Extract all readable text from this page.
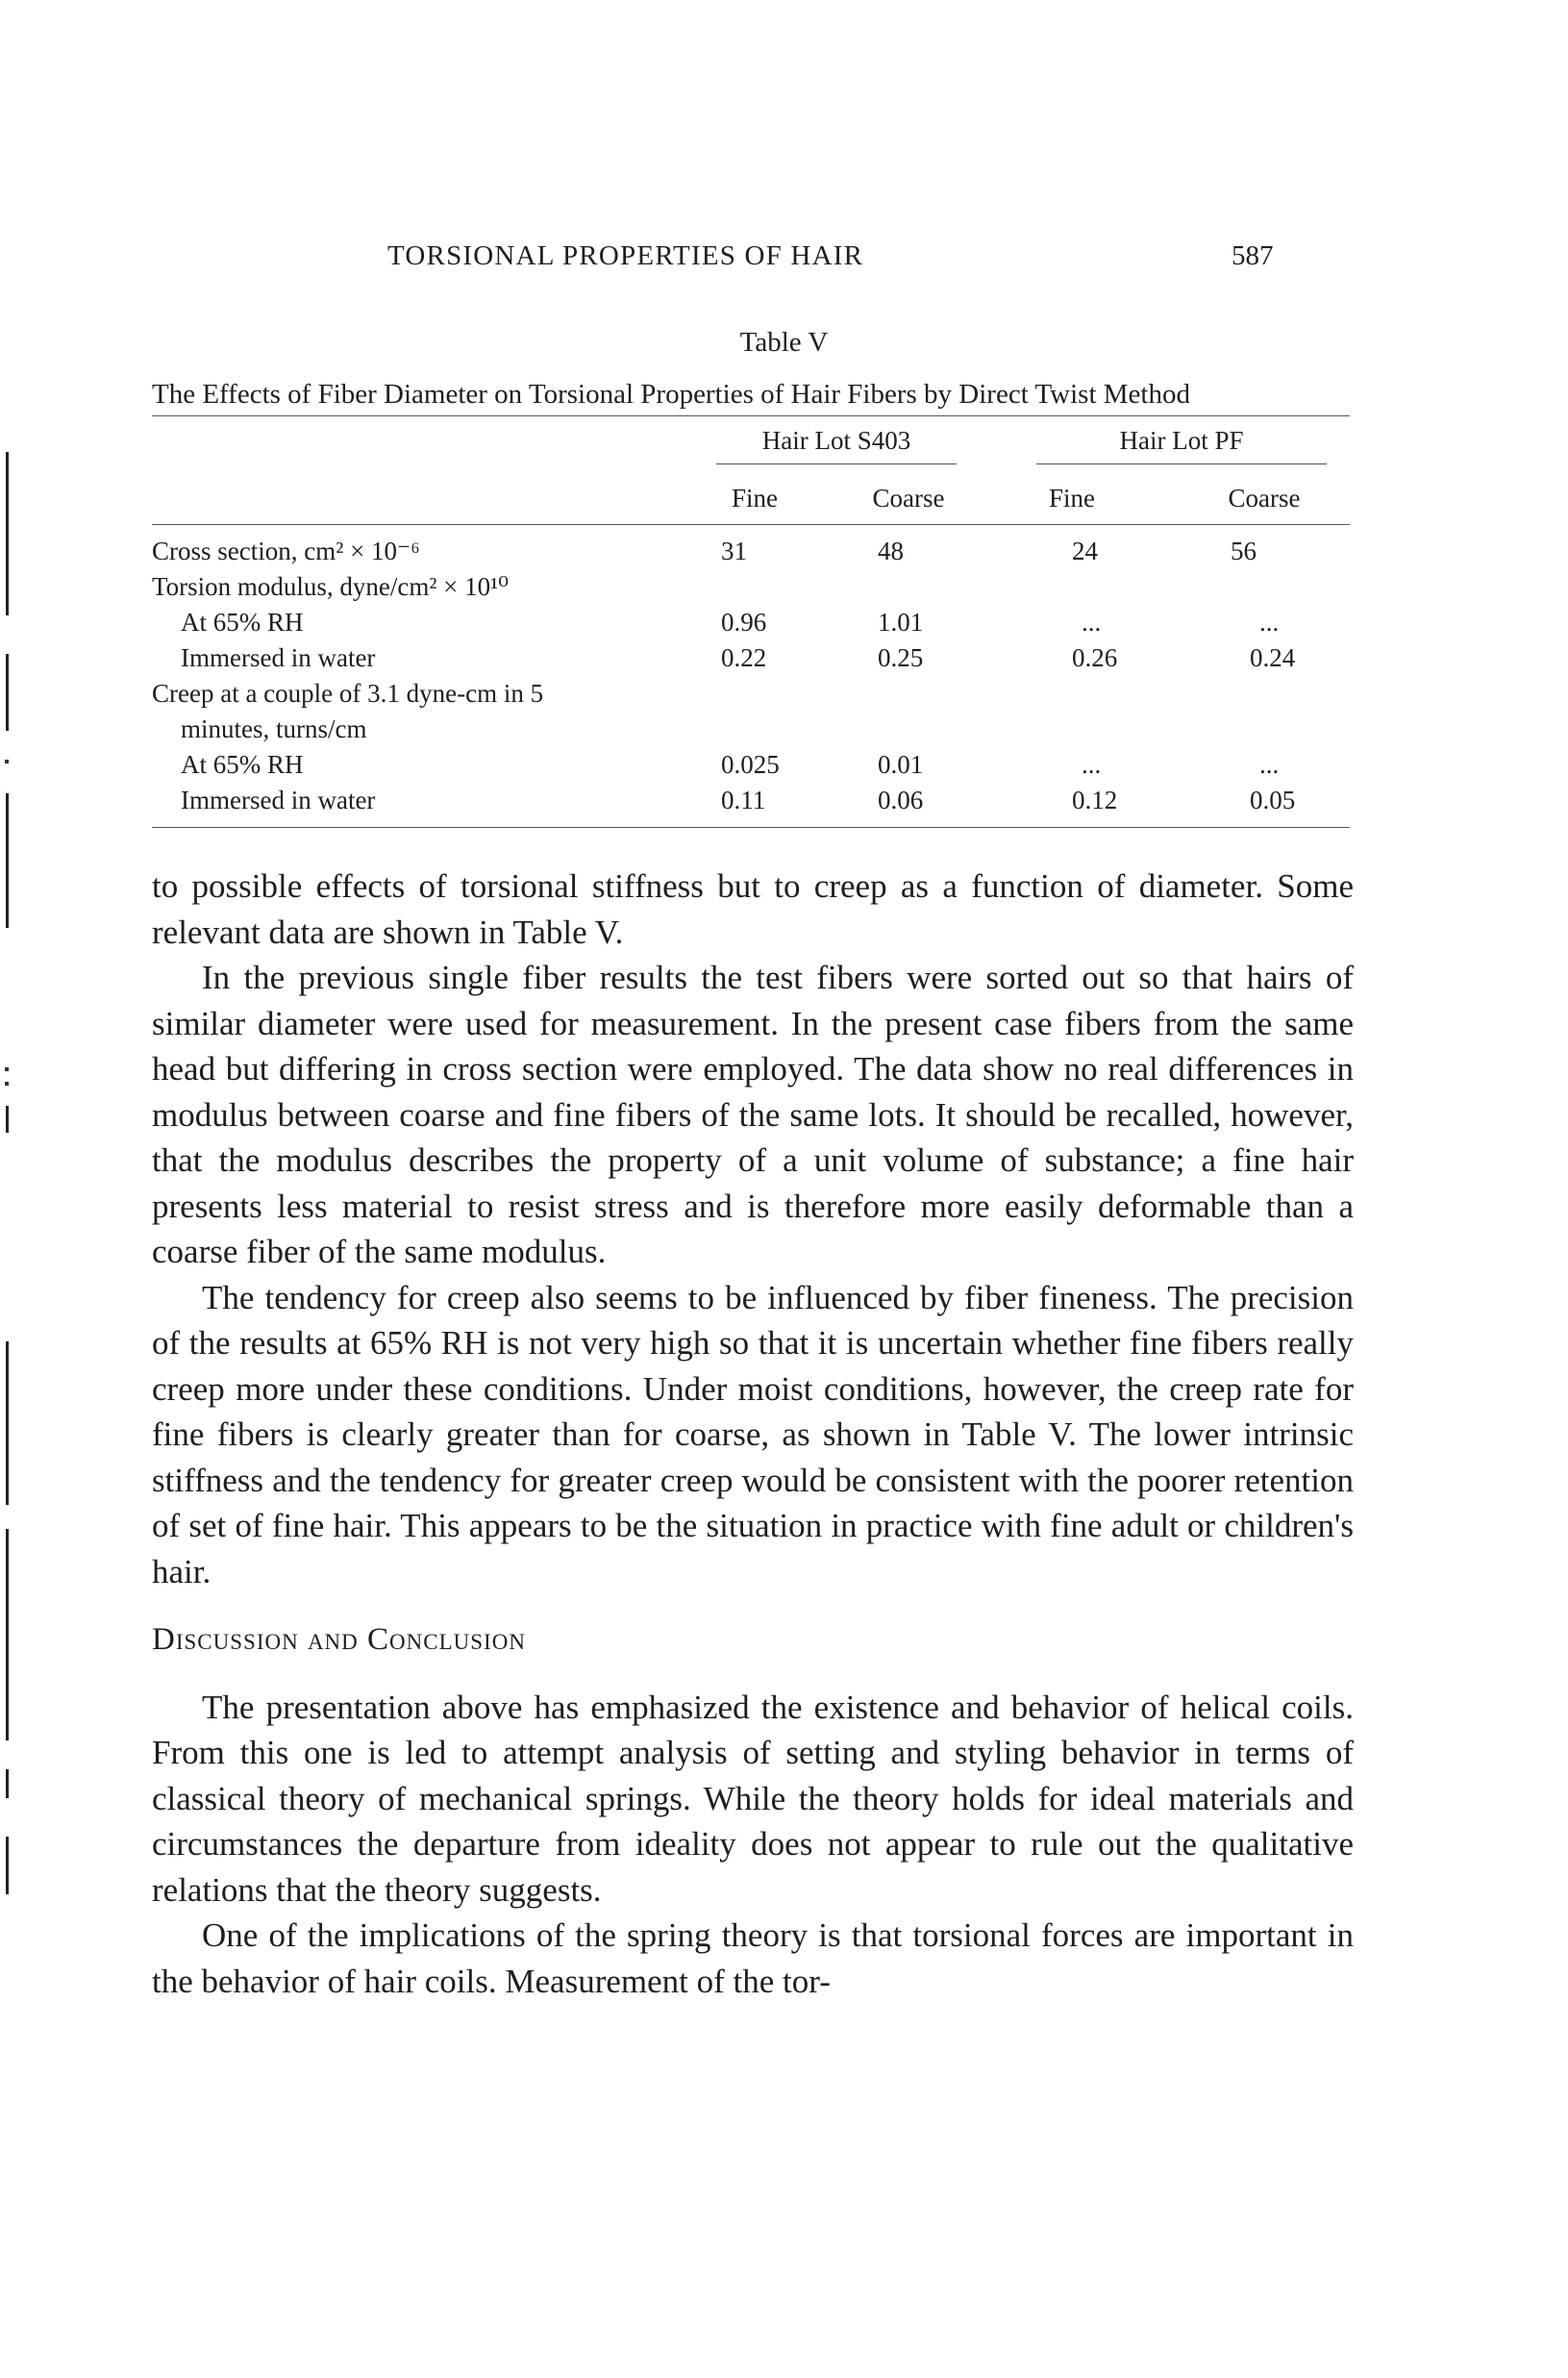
TORSIONAL PROPERTIES OF HAIR	587
Table V
The Effects of Fiber Diameter on Torsional Properties of Hair Fibers by Direct Twist Method
Hair Lot S403	Hair Lot PF
Fine	Coarse	Fine	Coarse
Cross section, cm² × 10⁻⁶	31	48	24	56
Torsion modulus, dyne/cm² × 10¹⁰
At 65% RH	0.96	1.01	...	...
Immersed in water	0.22	0.25	0.26	0.24
Creep at a couple of 3.1 dyne-cm in 5
minutes, turns/cm
At 65% RH	0.025	0.01	...	...
Immersed in water	0.11	0.06	0.12	0.05

to possible effects of torsional stiffness but to creep as a function of diameter. Some relevant data are shown in Table V.

In the previous single fiber results the test fibers were sorted out so that hairs of similar diameter were used for measurement. In the present case fibers from the same head but differing in cross section were employed. The data show no real differences in modulus between coarse and fine fibers of the same lots. It should be recalled, however, that the modulus describes the property of a unit volume of substance; a fine hair presents less material to resist stress and is therefore more easily deformable than a coarse fiber of the same modulus.

The tendency for creep also seems to be influenced by fiber fineness. The precision of the results at 65% RH is not very high so that it is uncertain whether fine fibers really creep more under these conditions. Under moist conditions, however, the creep rate for fine fibers is clearly greater than for coarse, as shown in Table V. The lower intrinsic stiffness and the tendency for greater creep would be consistent with the poorer retention of set of fine hair. This appears to be the situation in practice with fine adult or children's hair.

Discussion and Conclusion

The presentation above has emphasized the existence and behavior of helical coils. From this one is led to attempt analysis of setting and styling behavior in terms of classical theory of mechanical springs. While the theory holds for ideal materials and circumstances the departure from ideality does not appear to rule out the qualitative relations that the theory suggests.

One of the implications of the spring theory is that torsional forces are important in the behavior of hair coils. Measurement of the tor-
